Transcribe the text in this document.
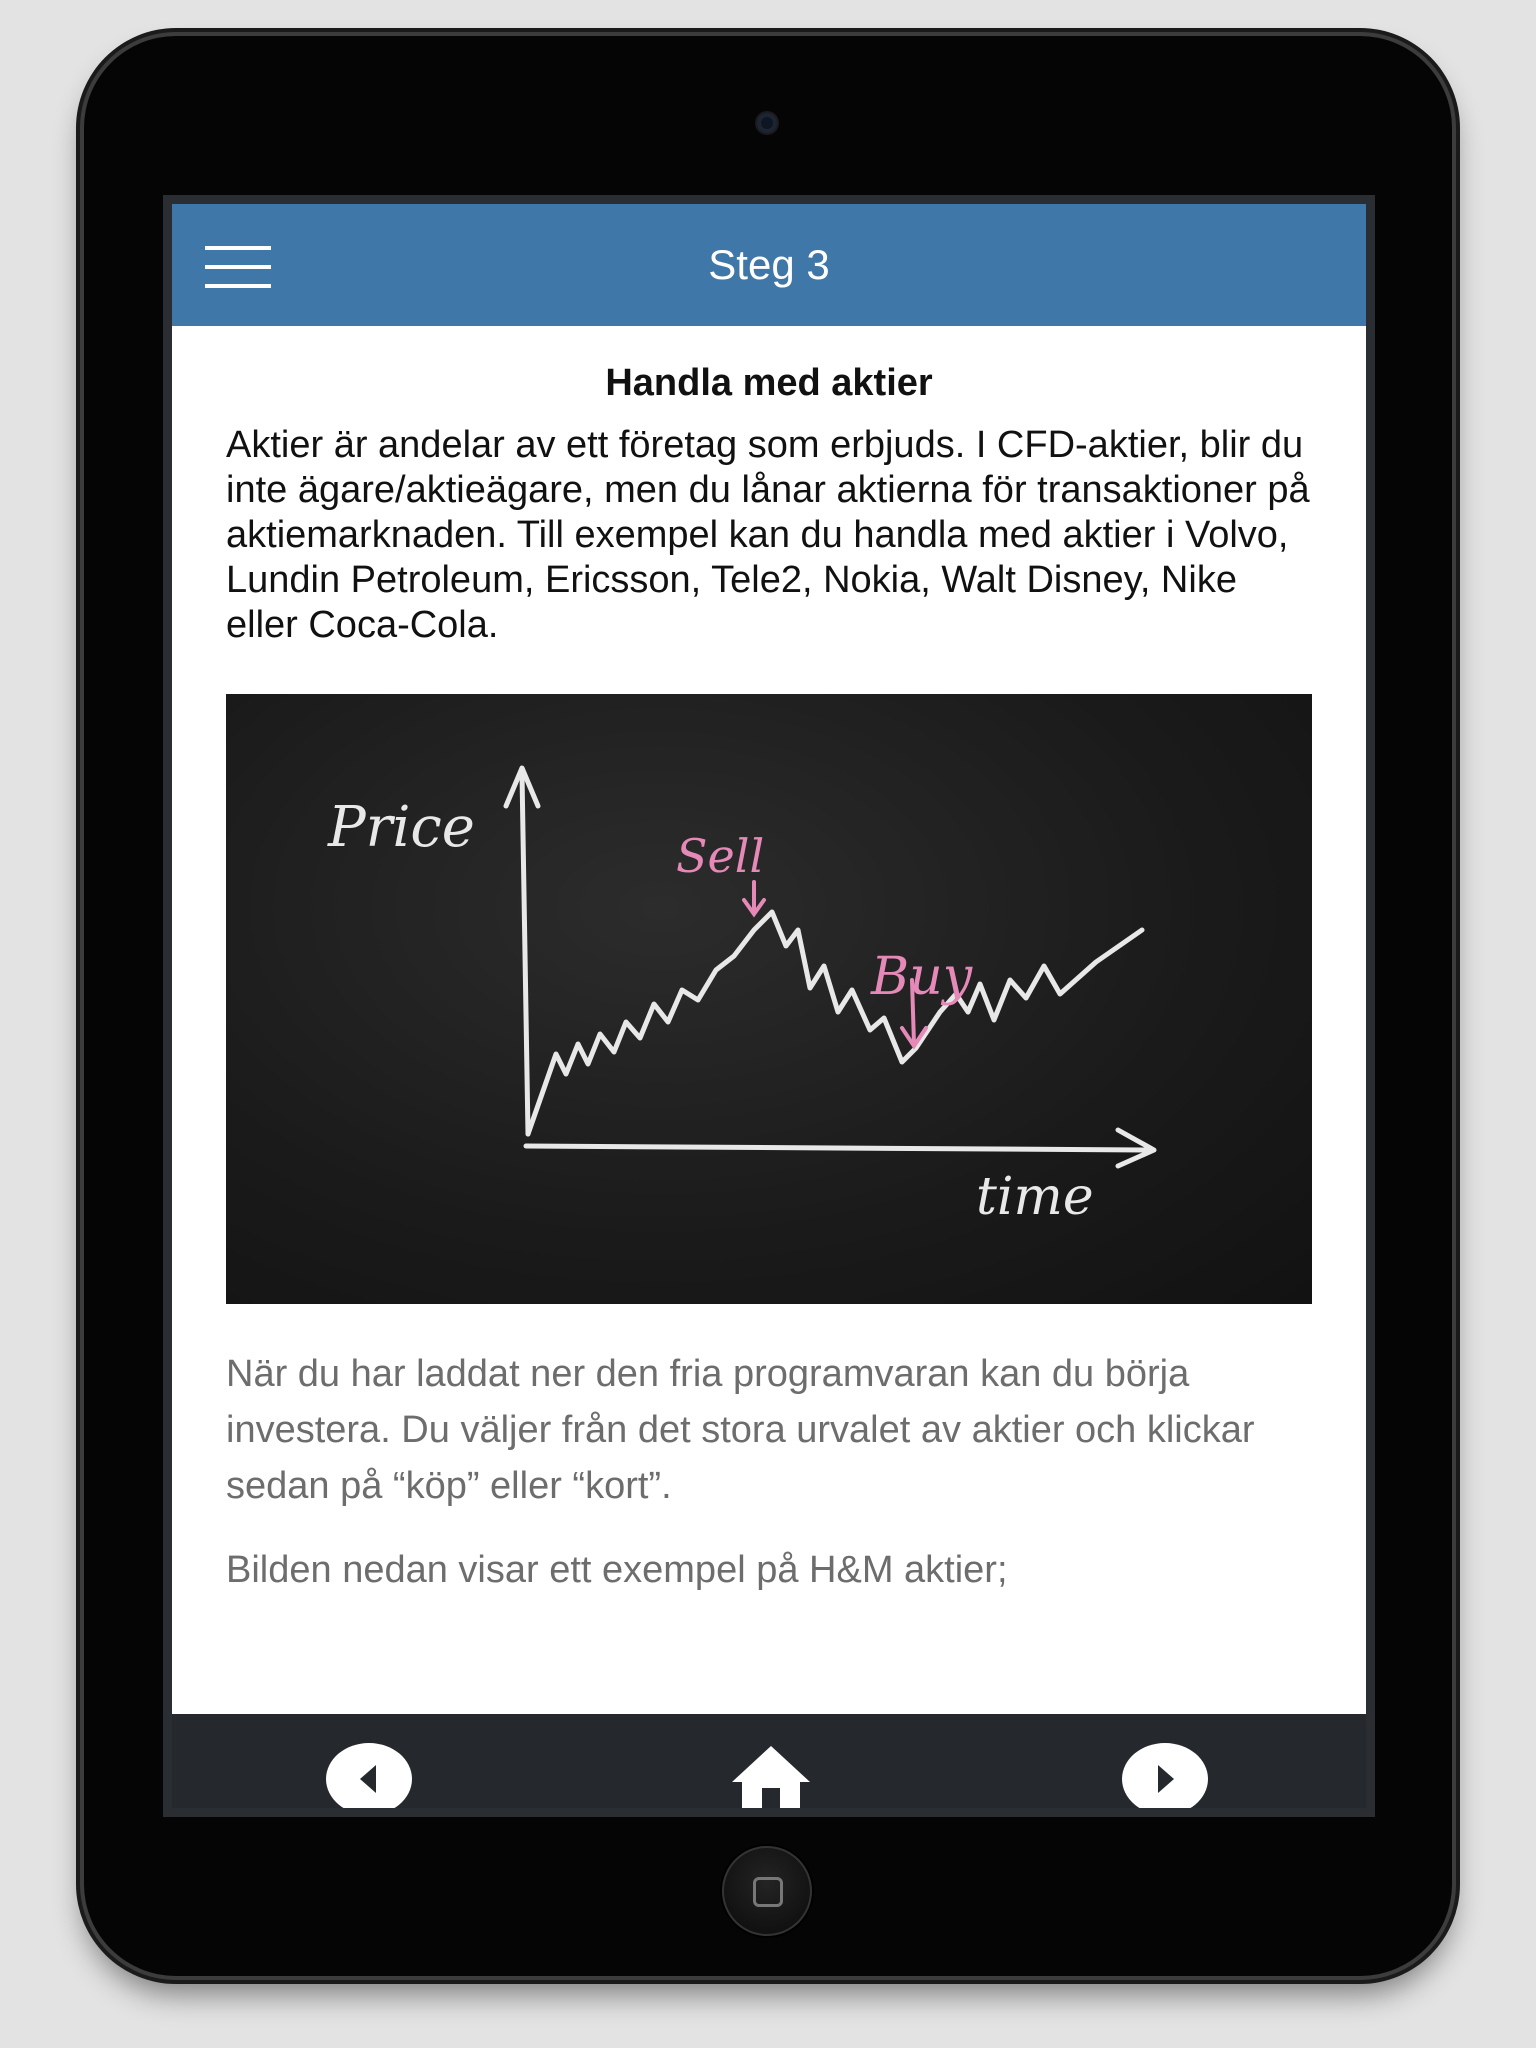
Steg 3
Handla med aktier

Aktier är andelar av ett företag som erbjuds. I CFD-aktier, blir du inte ägare/aktieägare, men du lånar aktierna för transaktioner på aktiemarknaden. Till exempel kan du handla med aktier i Volvo, Lundin Petroleum, Ericsson, Tele2, Nokia, Walt Disney, Nike eller Coca-Cola.

Price	Sell
Buy
time

När du har laddat ner den fria programvaran kan du börja investera. Du väljer från det stora urvalet av aktier och klickar sedan på “köp” eller “kort”.

Bilden nedan visar ett exempel på H&M aktier;
